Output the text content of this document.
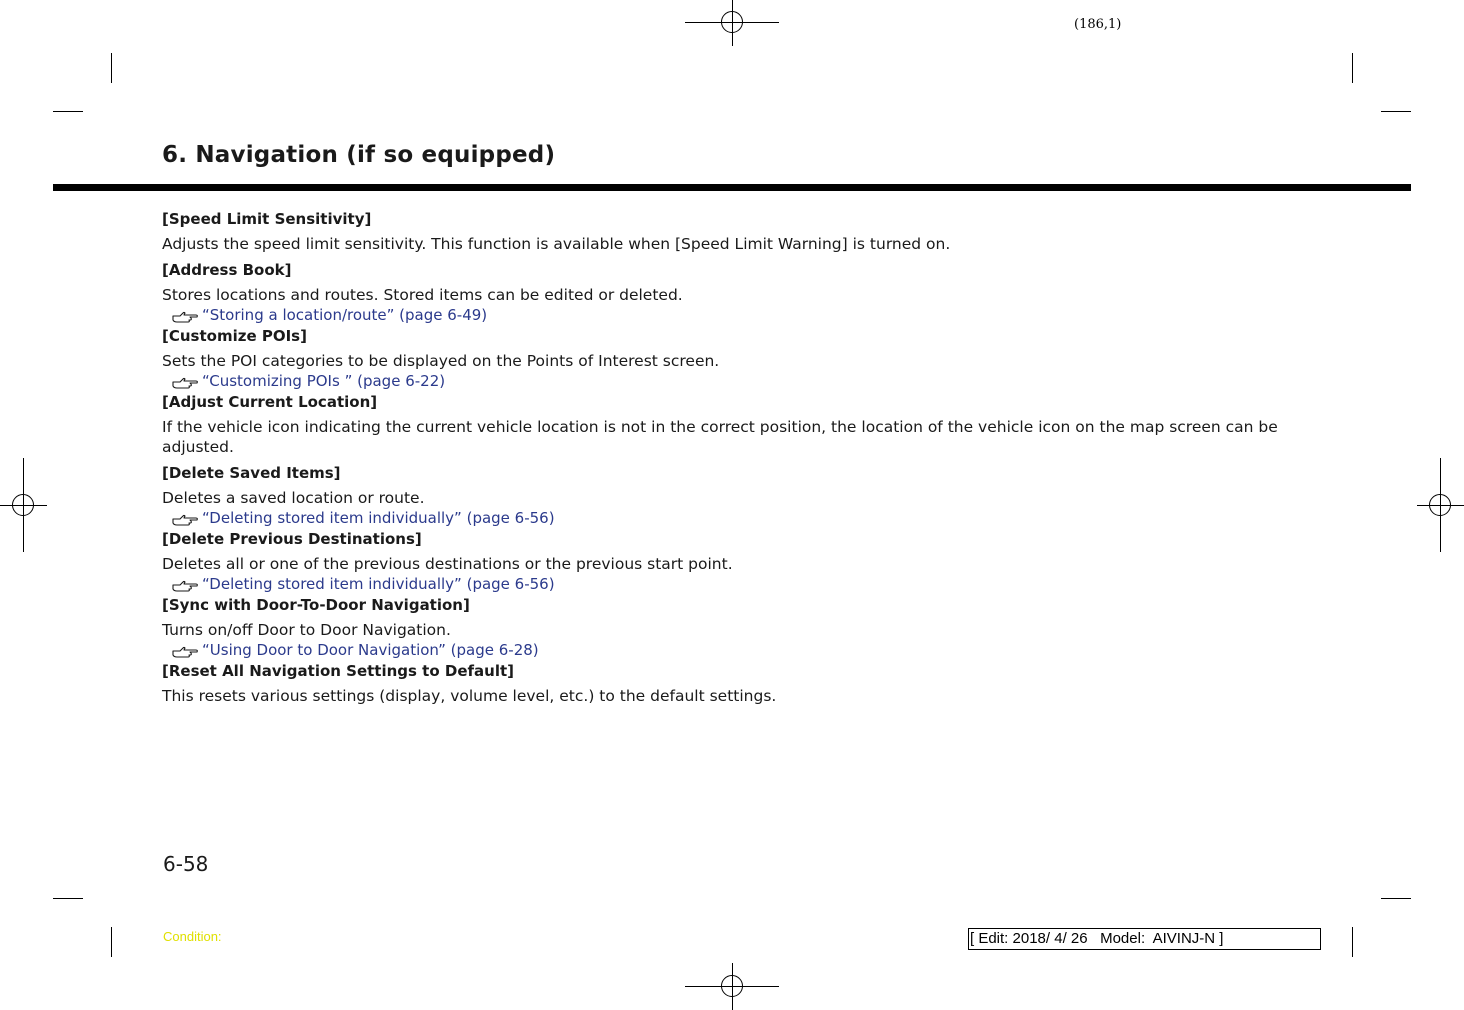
(186,1)
6. Navigation (if so equipped)
[Speed Limit Sensitivity]
Adjusts the speed limit sensitivity. This function is available when [Speed Limit Warning] is turned on.
[Address Book]
Stores locations and routes. Stored items can be edited or deleted.
“Storing a location/route” (page 6-49)
[Customize POIs]
Sets the POI categories to be displayed on the Points of Interest screen.
“Customizing POIs ” (page 6-22)
[Adjust Current Location]
If the vehicle icon indicating the current vehicle location is not in the correct position, the location of the vehicle icon on the map screen can be adjusted.
[Delete Saved Items]
Deletes a saved location or route.
“Deleting stored item individually” (page 6-56)
[Delete Previous Destinations]
Deletes all or one of the previous destinations or the previous start point.
“Deleting stored item individually” (page 6-56)
[Sync with Door-To-Door Navigation]
Turns on/off Door to Door Navigation.
“Using Door to Door Navigation” (page 6-28)
[Reset All Navigation Settings to Default]
This resets various settings (display, volume level, etc.) to the default settings.
6-58
Condition:	[ Edit: 2018/ 4/ 26   Model:  AIVINJ-N ]
